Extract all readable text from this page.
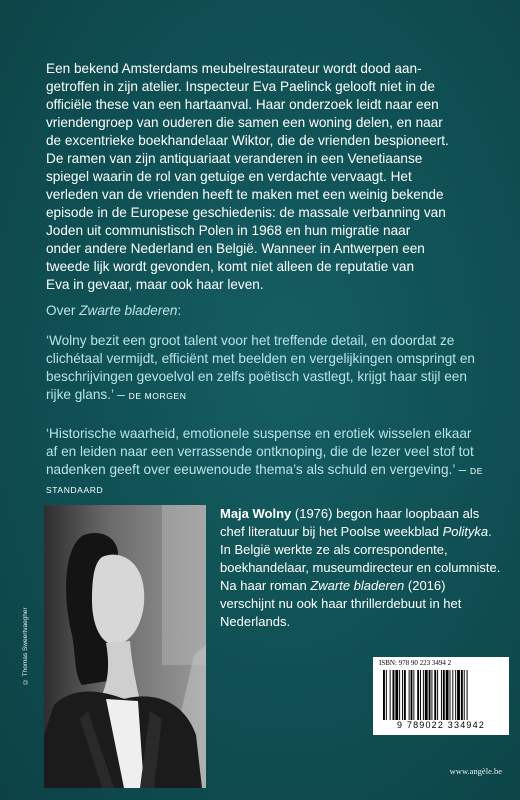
Een bekend Amsterdams meubelrestaurateur wordt dood aan-

getroffen in zijn atelier. Inspecteur Eva Paelinck gelooft niet in de

officiële these van een hartaanval. Haar onderzoek leidt naar een

vriendengroep van ouderen die samen een woning delen, en naar

de excentrieke boekhandelaar Wiktor, die de vrienden bespioneert.

De ramen van zijn antiquariaat veranderen in een Venetiaanse

spiegel waarin de rol van getuige en verdachte vervaagt. Het

verleden van de vrienden heeft te maken met een weinig bekende

episode in de Europese geschiedenis: de massale verbanning van

Joden uit communistisch Polen in 1968 en hun migratie naar

onder andere Nederland en België. Wanneer in Antwerpen een

tweede lijk wordt gevonden, komt niet alleen de reputatie van

Eva in gevaar, maar ook haar leven.

Over Zwarte bladeren:
‘Wolny bezit een groot talent voor het treffende detail, en doordat ze clichétaal vermijdt, efficiënt met beelden en vergelijkingen omspringt en beschrijvingen gevoelvol en zelfs poëtisch vastlegt, krijgt haar stijl een rijke glans.’ – DE MORGEN
‘Historische waarheid, emotionele suspense en erotiek wisselen elkaar af en leiden naar een verrassende ontknoping, die de lezer veel stof tot nadenken geeft over eeuwenoude thema’s als schuld en vergeving.’ – DE STANDAARD
© Thomas Sweertvaegher
Maja Wolny (1976) begon haar loopbaan als chef literatuur bij het Poolse weekblad Polityka. In België werkte ze als correspondente, boekhandelaar, museumdirecteur en columniste. Na haar roman Zwarte bladeren (2016) verschijnt nu ook haar thrillerdebuut in het Nederlands.
ISBN: 978 90 223 3494 2
9 789022 334942
www.angèle.be
